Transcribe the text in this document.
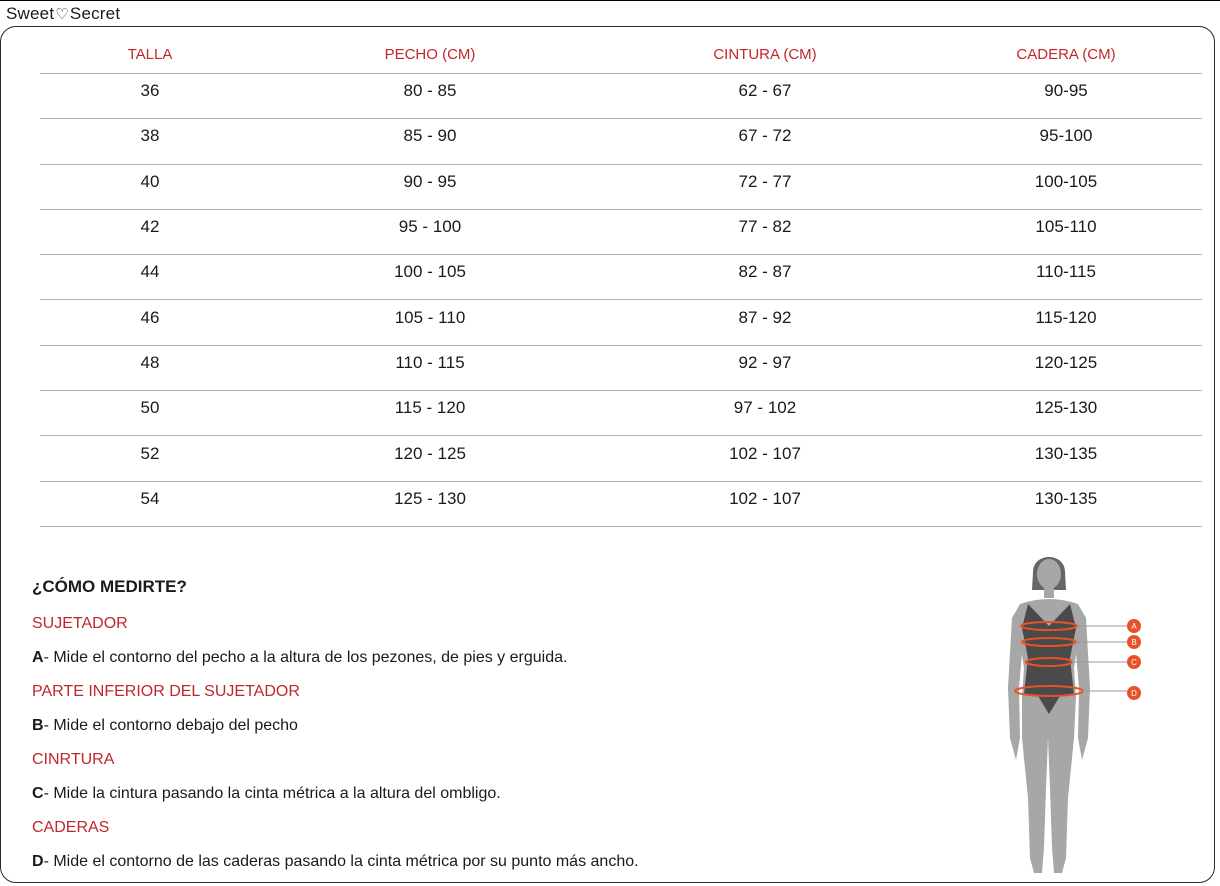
Sweet♡Secret
TALLA	PECHO (CM)	CINTURA (CM)	CADERA (CM)
36	80 - 85	62 - 67	90-95
38	85 - 90	67 - 72	95-100
40	90 - 95	72 - 77	100-105
42	95 - 100	77 - 82	105-110
44	100 - 105	82 - 87	110-115
46	105 - 110	87 - 92	115-120
48	110 - 115	92 - 97	120-125
50	115 - 120	97 - 102	125-130
52	120 - 125	102 - 107	130-135
54	125 - 130	102 - 107	130-135
¿CÓMO MEDIRTE?
SUJETADOR
A- Mide el contorno del pecho a la altura de los pezones, de pies y erguida.
PARTE INFERIOR DEL SUJETADOR
B- Mide el contorno debajo del pecho
CINRTURA
C- Mide la cintura pasando la cinta métrica a la altura del ombligo.
CADERAS
D- Mide el contorno de las caderas pasando la cinta métrica por su punto más ancho.
A
B
C
D
